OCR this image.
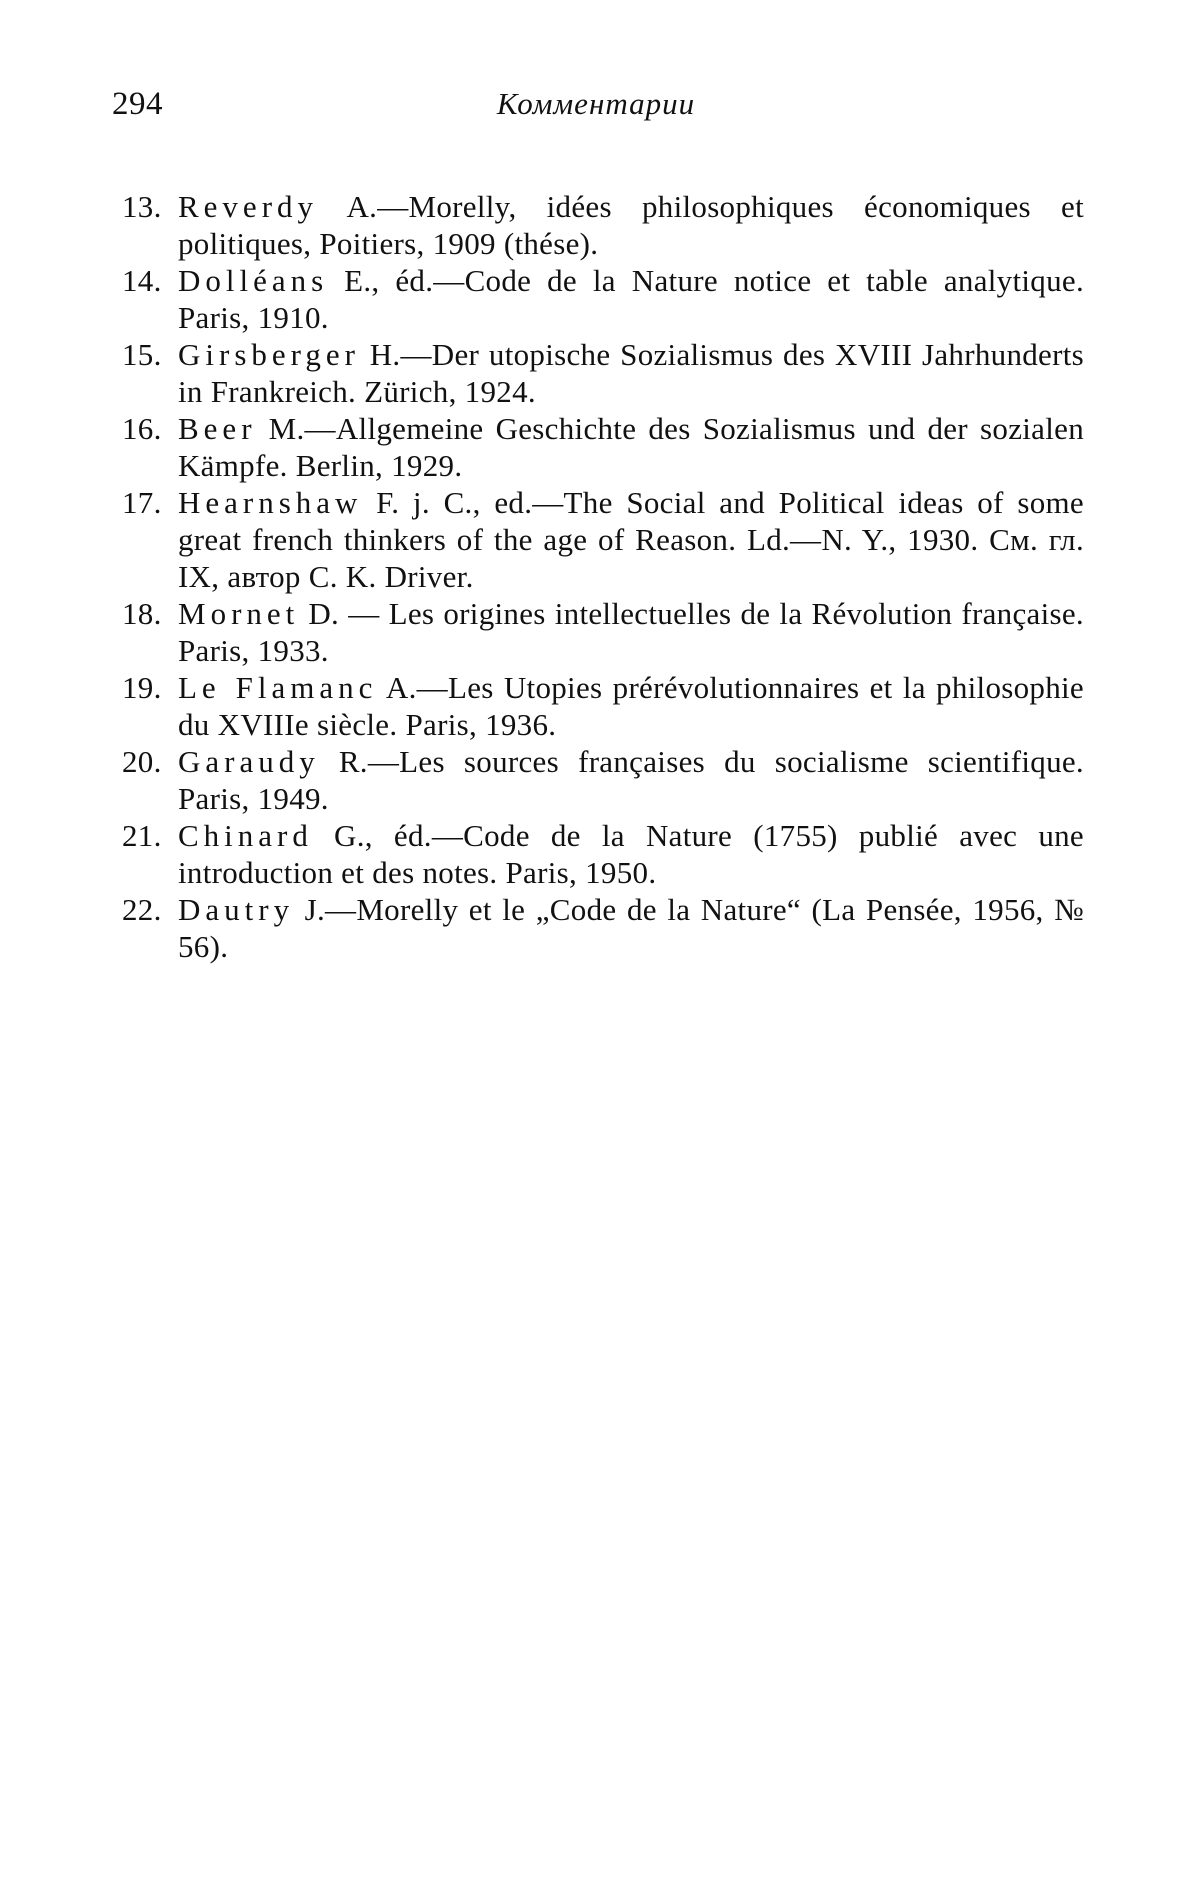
294	Комментарии
13. Reverdy A.—Morelly, idées philosophiques économiques et politiques, Poitiers, 1909 (thése).
14. Dolléans E., éd.—Code de la Nature notice et table analytique. Paris, 1910.
15. Girsberger H.—Der utopische Sozialismus des XVIII Jahrhunderts in Frankreich. Zürich, 1924.
16. Beer M.—Allgemeine Geschichte des Sozialismus und der sozialen Kämpfe. Berlin, 1929.
17. Hearnshaw F. j. C., ed.—The Social and Political ideas of some great french thinkers of the age of Reason. Ld.—N. Y., 1930. См. гл. IX, автор C. K. Driver.
18. Mornet D. — Les origines intellectuelles de la Révolution française. Paris, 1933.
19. Le Flamanc A.—Les Utopies prérévolutionnaires et la philosophie du XVIIIe siècle. Paris, 1936.
20. Garaudy R.—Les sources françaises du socialisme scientifique. Paris, 1949.
21. Chinard G., éd.—Code de la Nature (1755) publié avec une introduction et des notes. Paris, 1950.
22. Dautry J.—Morelly et le „Code de la Nature“ (La Pensée, 1956, № 56).
